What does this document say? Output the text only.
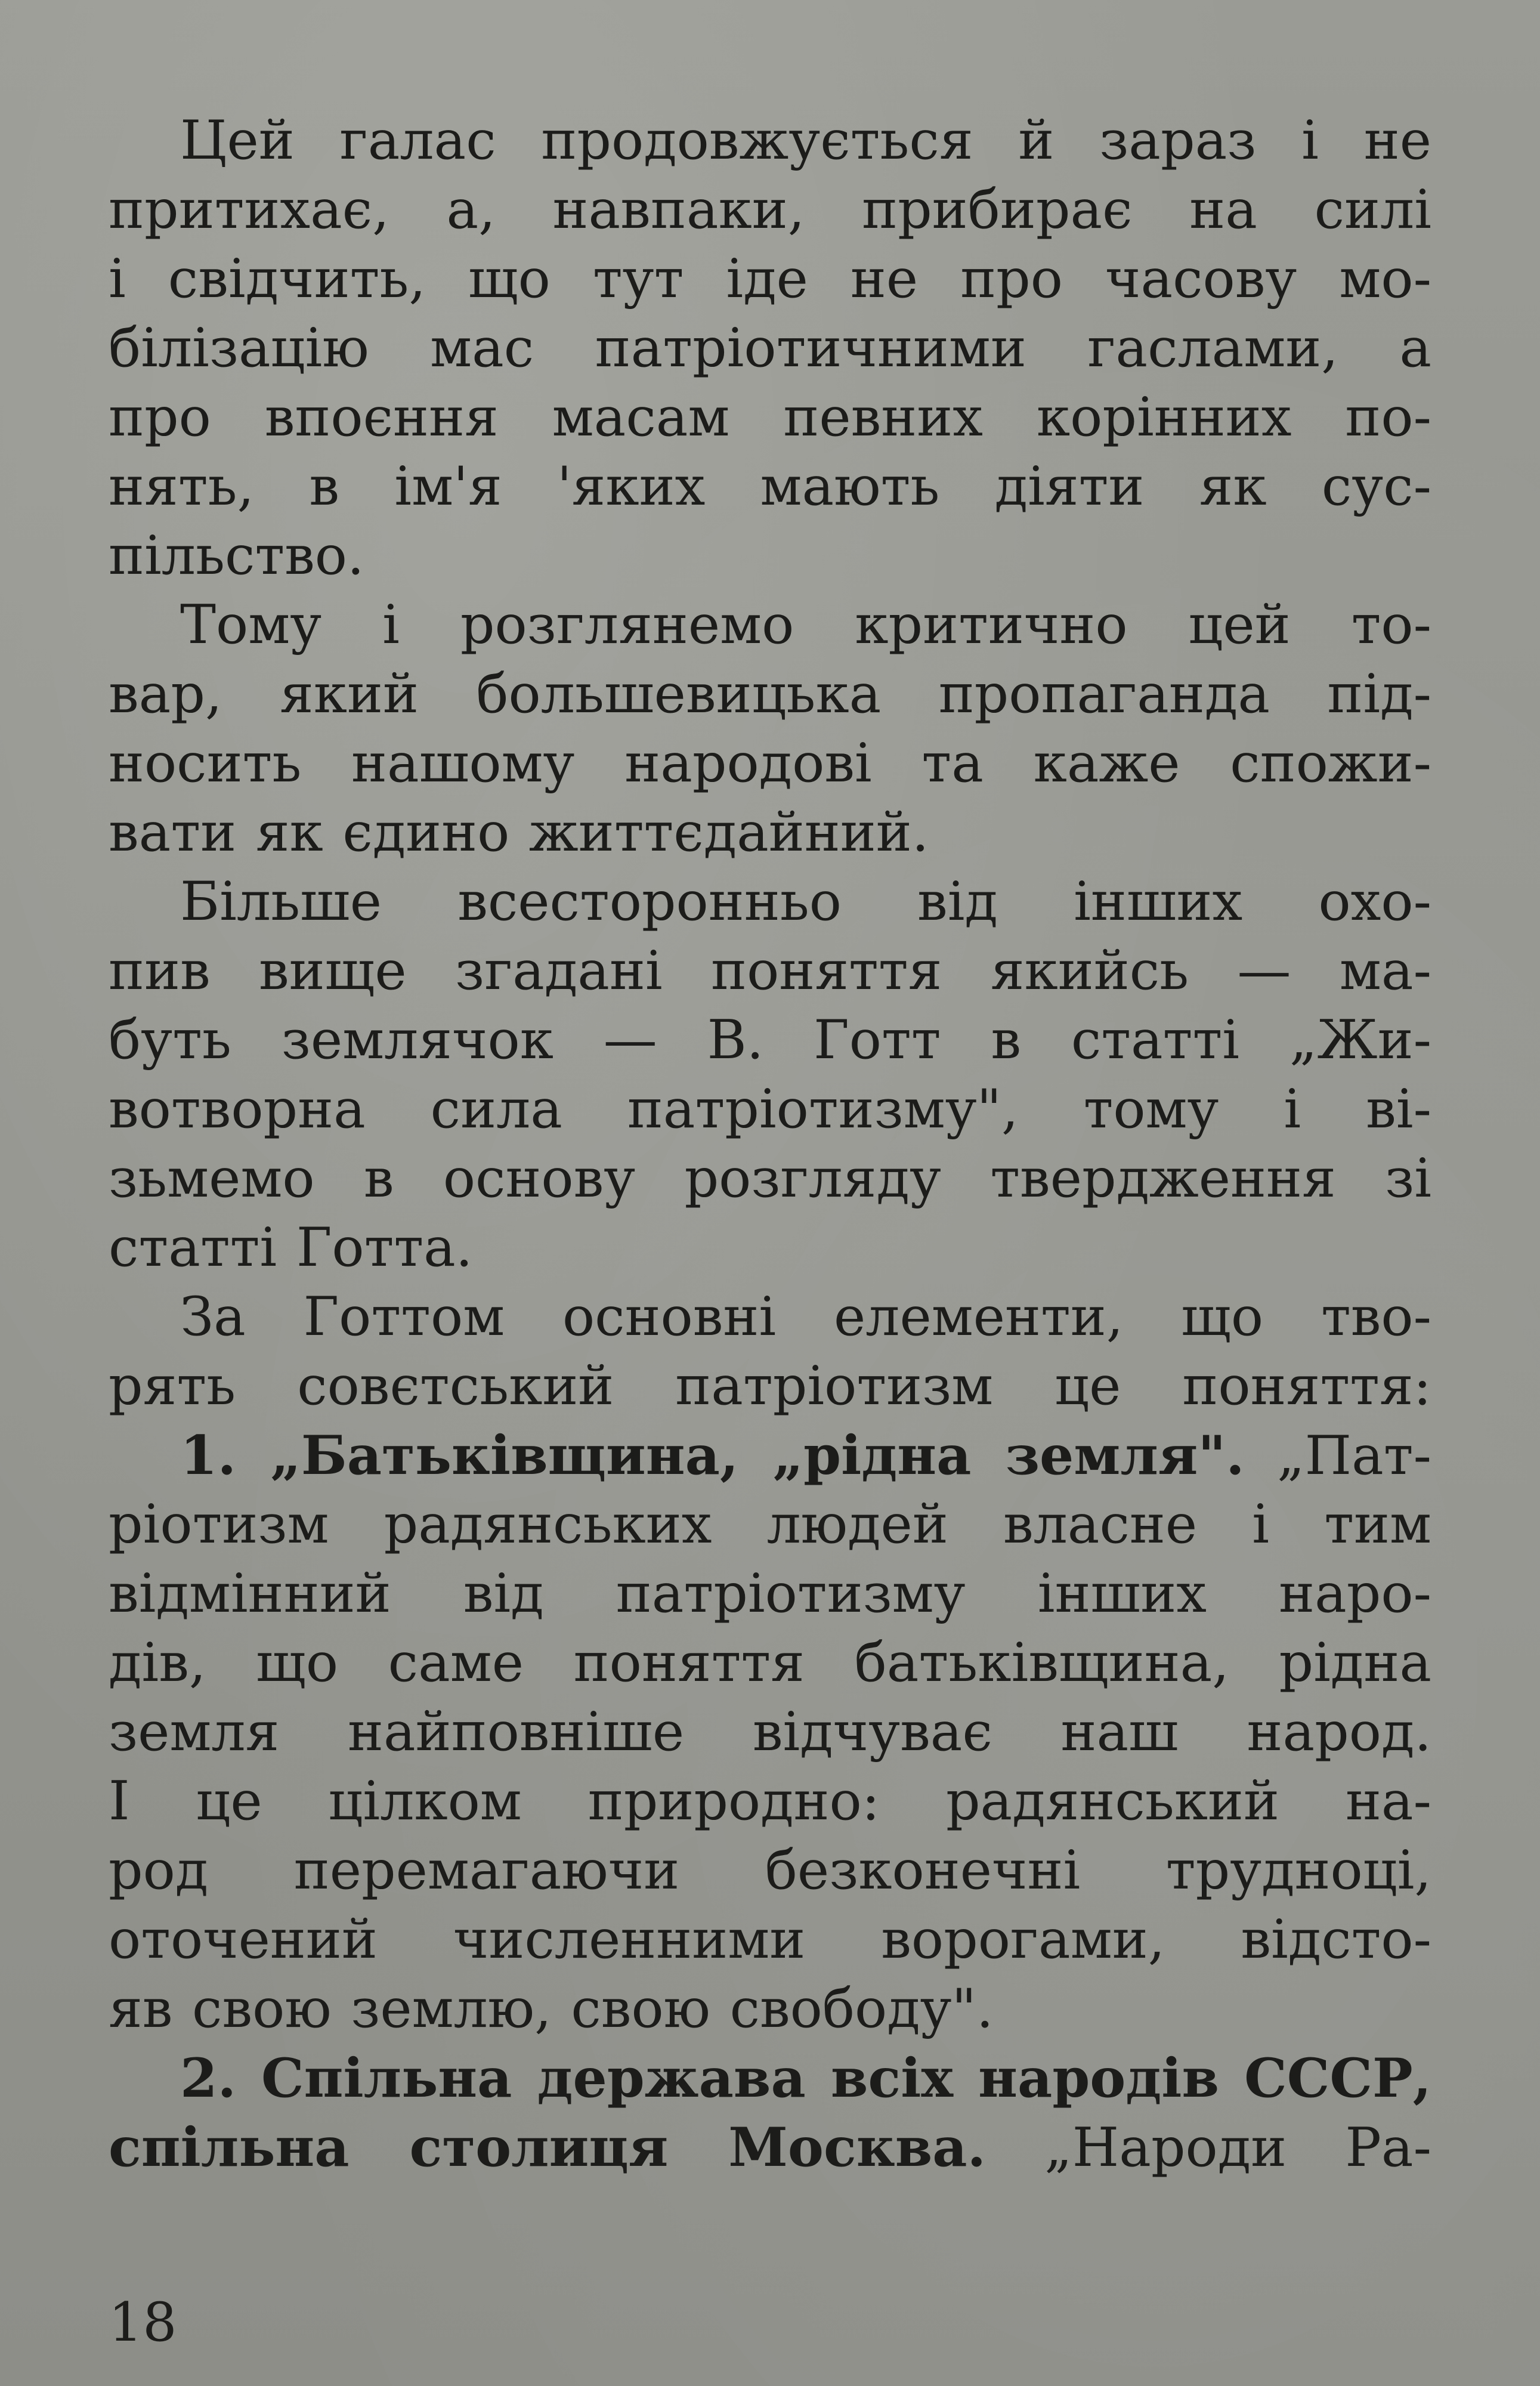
Цей галас продовжується й зараз і не
притихає, а, навпаки, прибирає на силі
і свідчить, що тут іде не про часову мо-
білізацію мас патріотичними гаслами, а
про впоєння масам певних корінних по-
нять, в ім'я 'яких мають діяти як сус-
пільство.
Тому і розглянемо критично цей то-
вар, який большевицька пропаганда під-
носить нашому народові та каже спожи-
вати як єдино життєдайний.
Більше всесторонньо від інших охо-
пив вище згадані поняття якийсь — ма-
буть землячок — В. Готт в статті „Жи-
вотворна сила патріотизму", тому і ві-
зьмемо в основу розгляду твердження зі
статті Готта.
За Готтом основні елементи, що тво-
рять совєтський патріотизм це поняття:
1. „Батьківщина, „рідна земля". „Пат-
ріотизм радянських людей власне і тим
відмінний від патріотизму інших наро-
дів, що саме поняття батьківщина, рідна
земля найповніше відчуває наш народ.
І це цілком природно: радянський на-
род перемагаючи безконечні трудноці,
оточений численними ворогами, відсто-
яв свою землю, свою свободу".
2. Спільна держава всіх народів СССР,
спільна столиця Москва. „Народи Ра-
18
